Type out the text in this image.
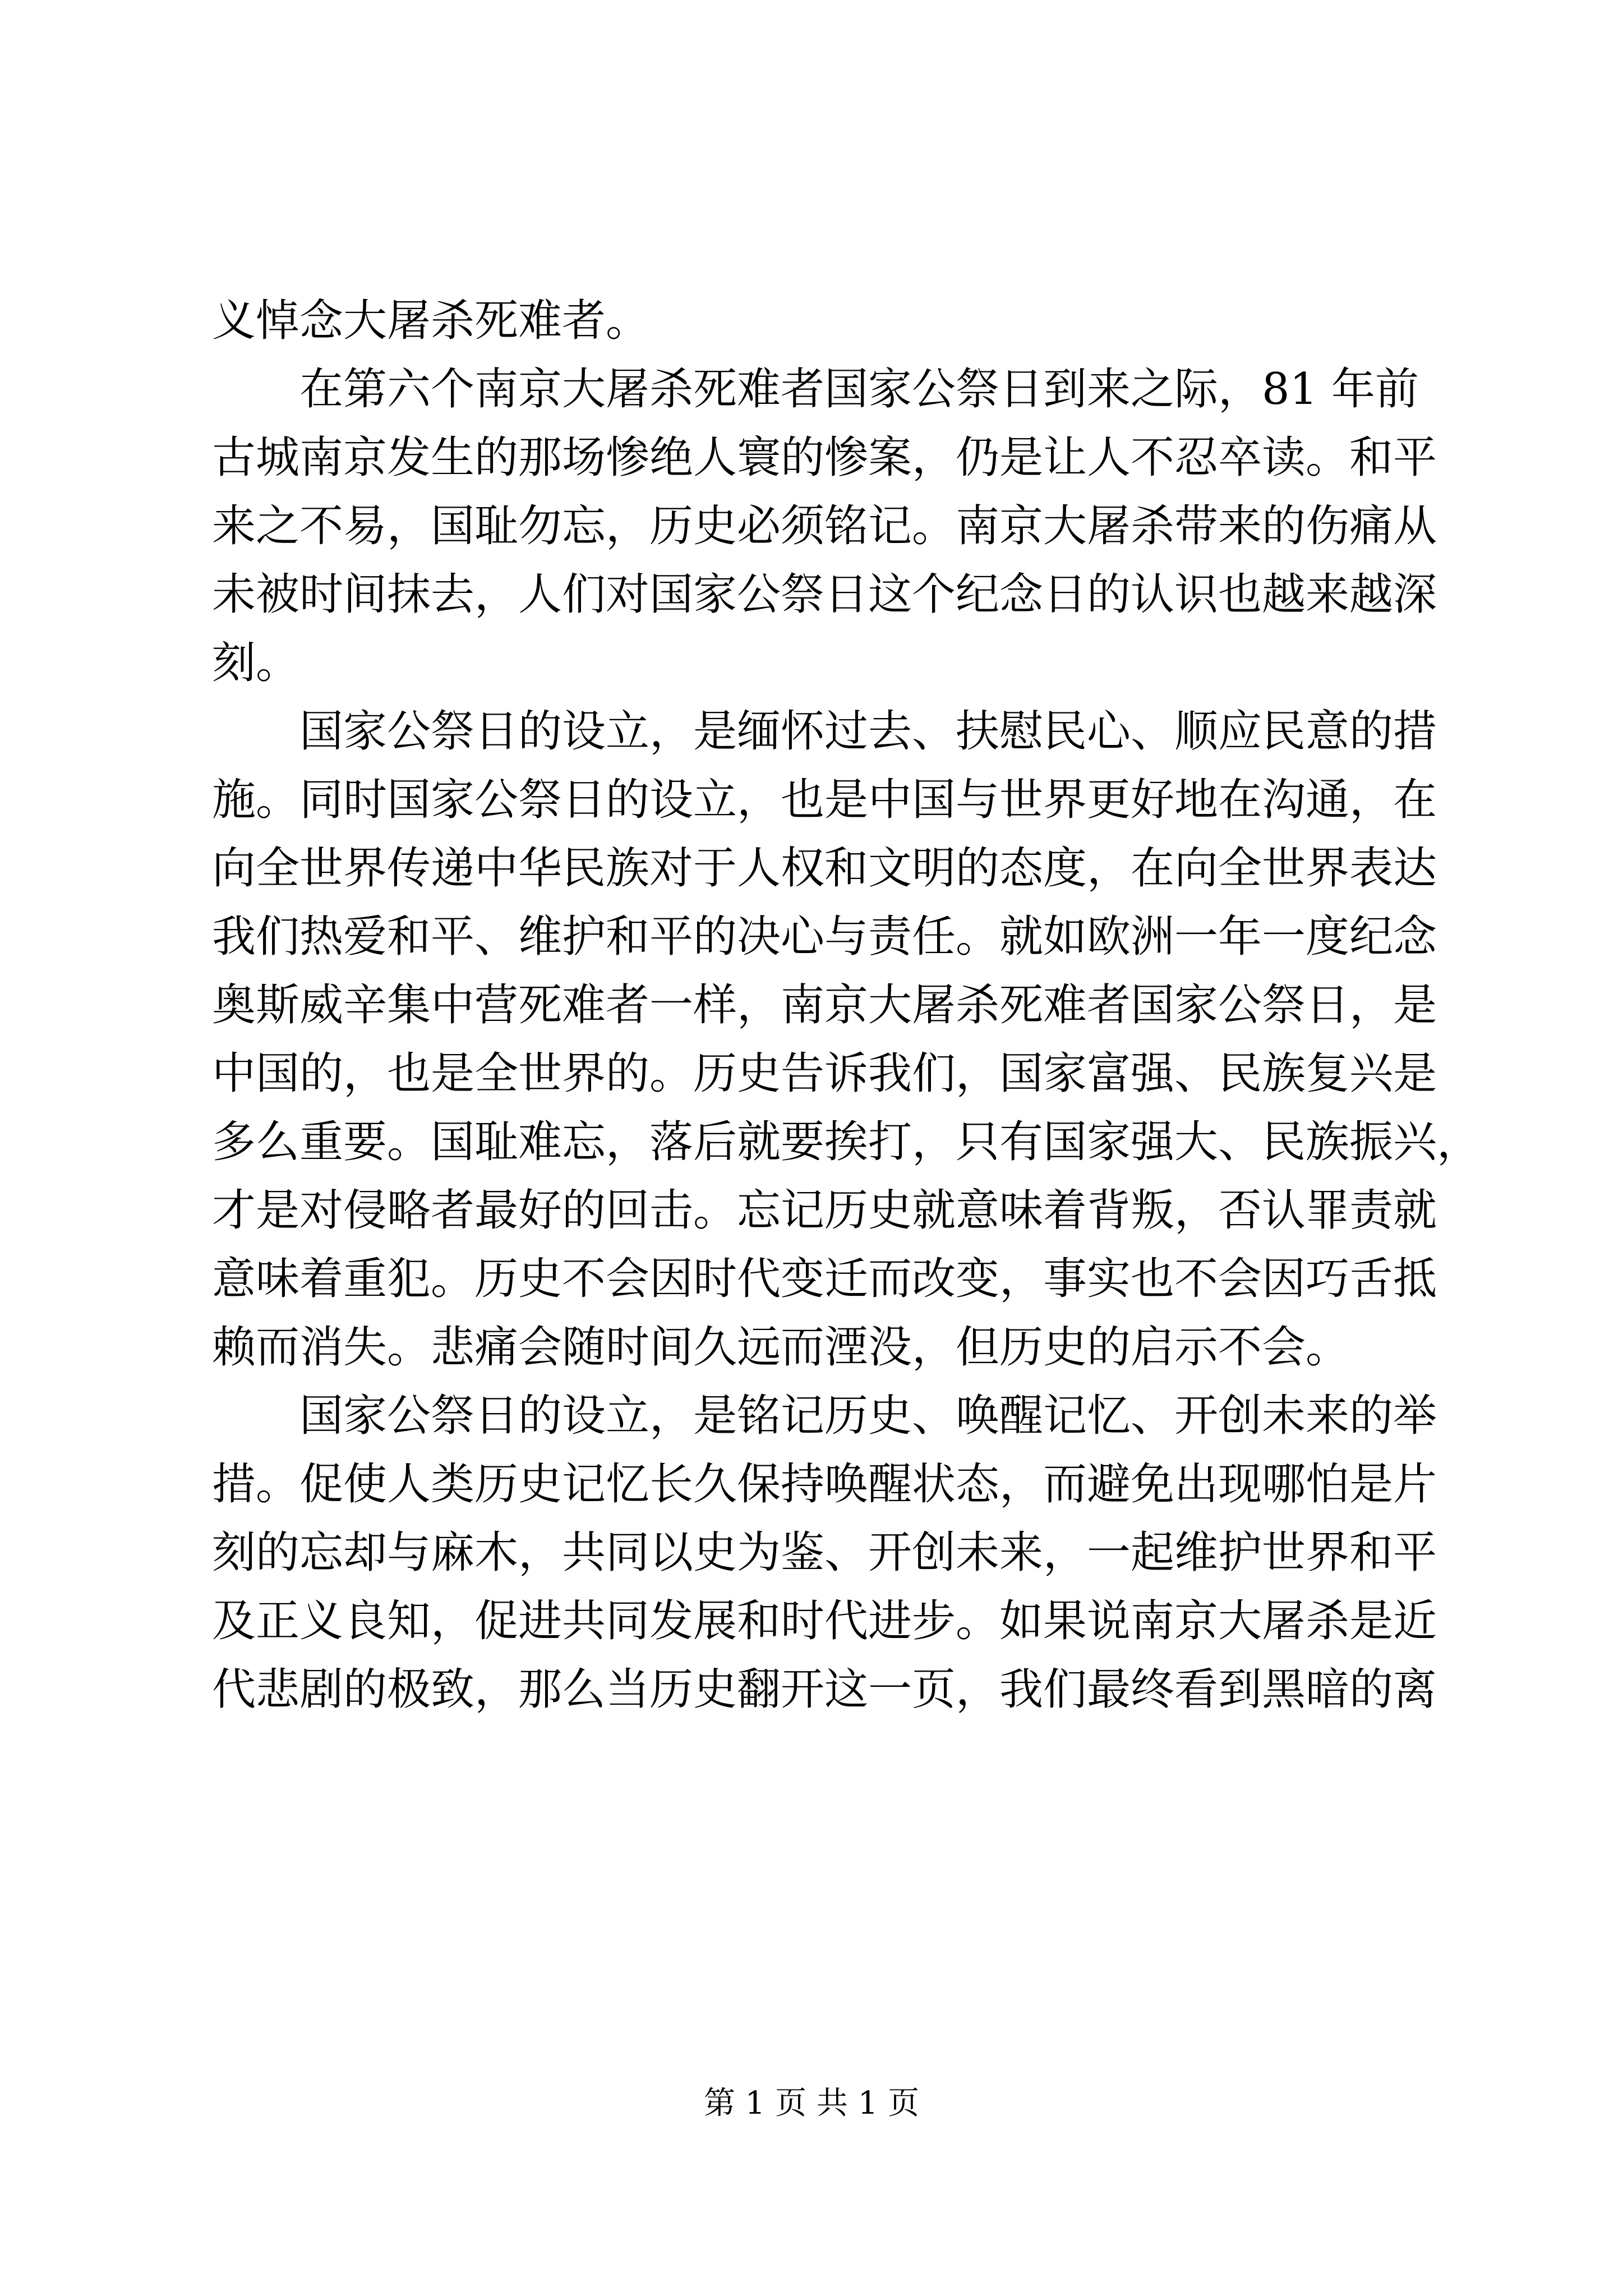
义悼念大屠杀死难者。
在第六个南京大屠杀死难者国家公祭日到来之际，81 年前
古城南京发生的那场惨绝人寰的惨案，仍是让人不忍卒读。和平
来之不易，国耻勿忘，历史必须铭记。南京大屠杀带来的伤痛从
未被时间抹去，人们对国家公祭日这个纪念日的认识也越来越深
刻。
国家公祭日的设立，是缅怀过去、扶慰民心、顺应民意的措
施。同时国家公祭日的设立，也是中国与世界更好地在沟通，在
向全世界传递中华民族对于人权和文明的态度，在向全世界表达
我们热爱和平、维护和平的决心与责任。就如欧洲一年一度纪念
奥斯威辛集中营死难者一样，南京大屠杀死难者国家公祭日，是
中国的，也是全世界的。历史告诉我们，国家富强、民族复兴是
多么重要。国耻难忘，落后就要挨打，只有国家强大、民族振兴，
才是对侵略者最好的回击。忘记历史就意味着背叛，否认罪责就
意味着重犯。历史不会因时代变迁而改变，事实也不会因巧舌抵
赖而消失。悲痛会随时间久远而湮没，但历史的启示不会。
国家公祭日的设立，是铭记历史、唤醒记忆、开创未来的举
措。促使人类历史记忆长久保持唤醒状态，而避免出现哪怕是片
刻的忘却与麻木，共同以史为鉴、开创未来，一起维护世界和平
及正义良知，促进共同发展和时代进步。如果说南京大屠杀是近
代悲剧的极致，那么当历史翻开这一页，我们最终看到黑暗的离
第 1 页 共 1 页
